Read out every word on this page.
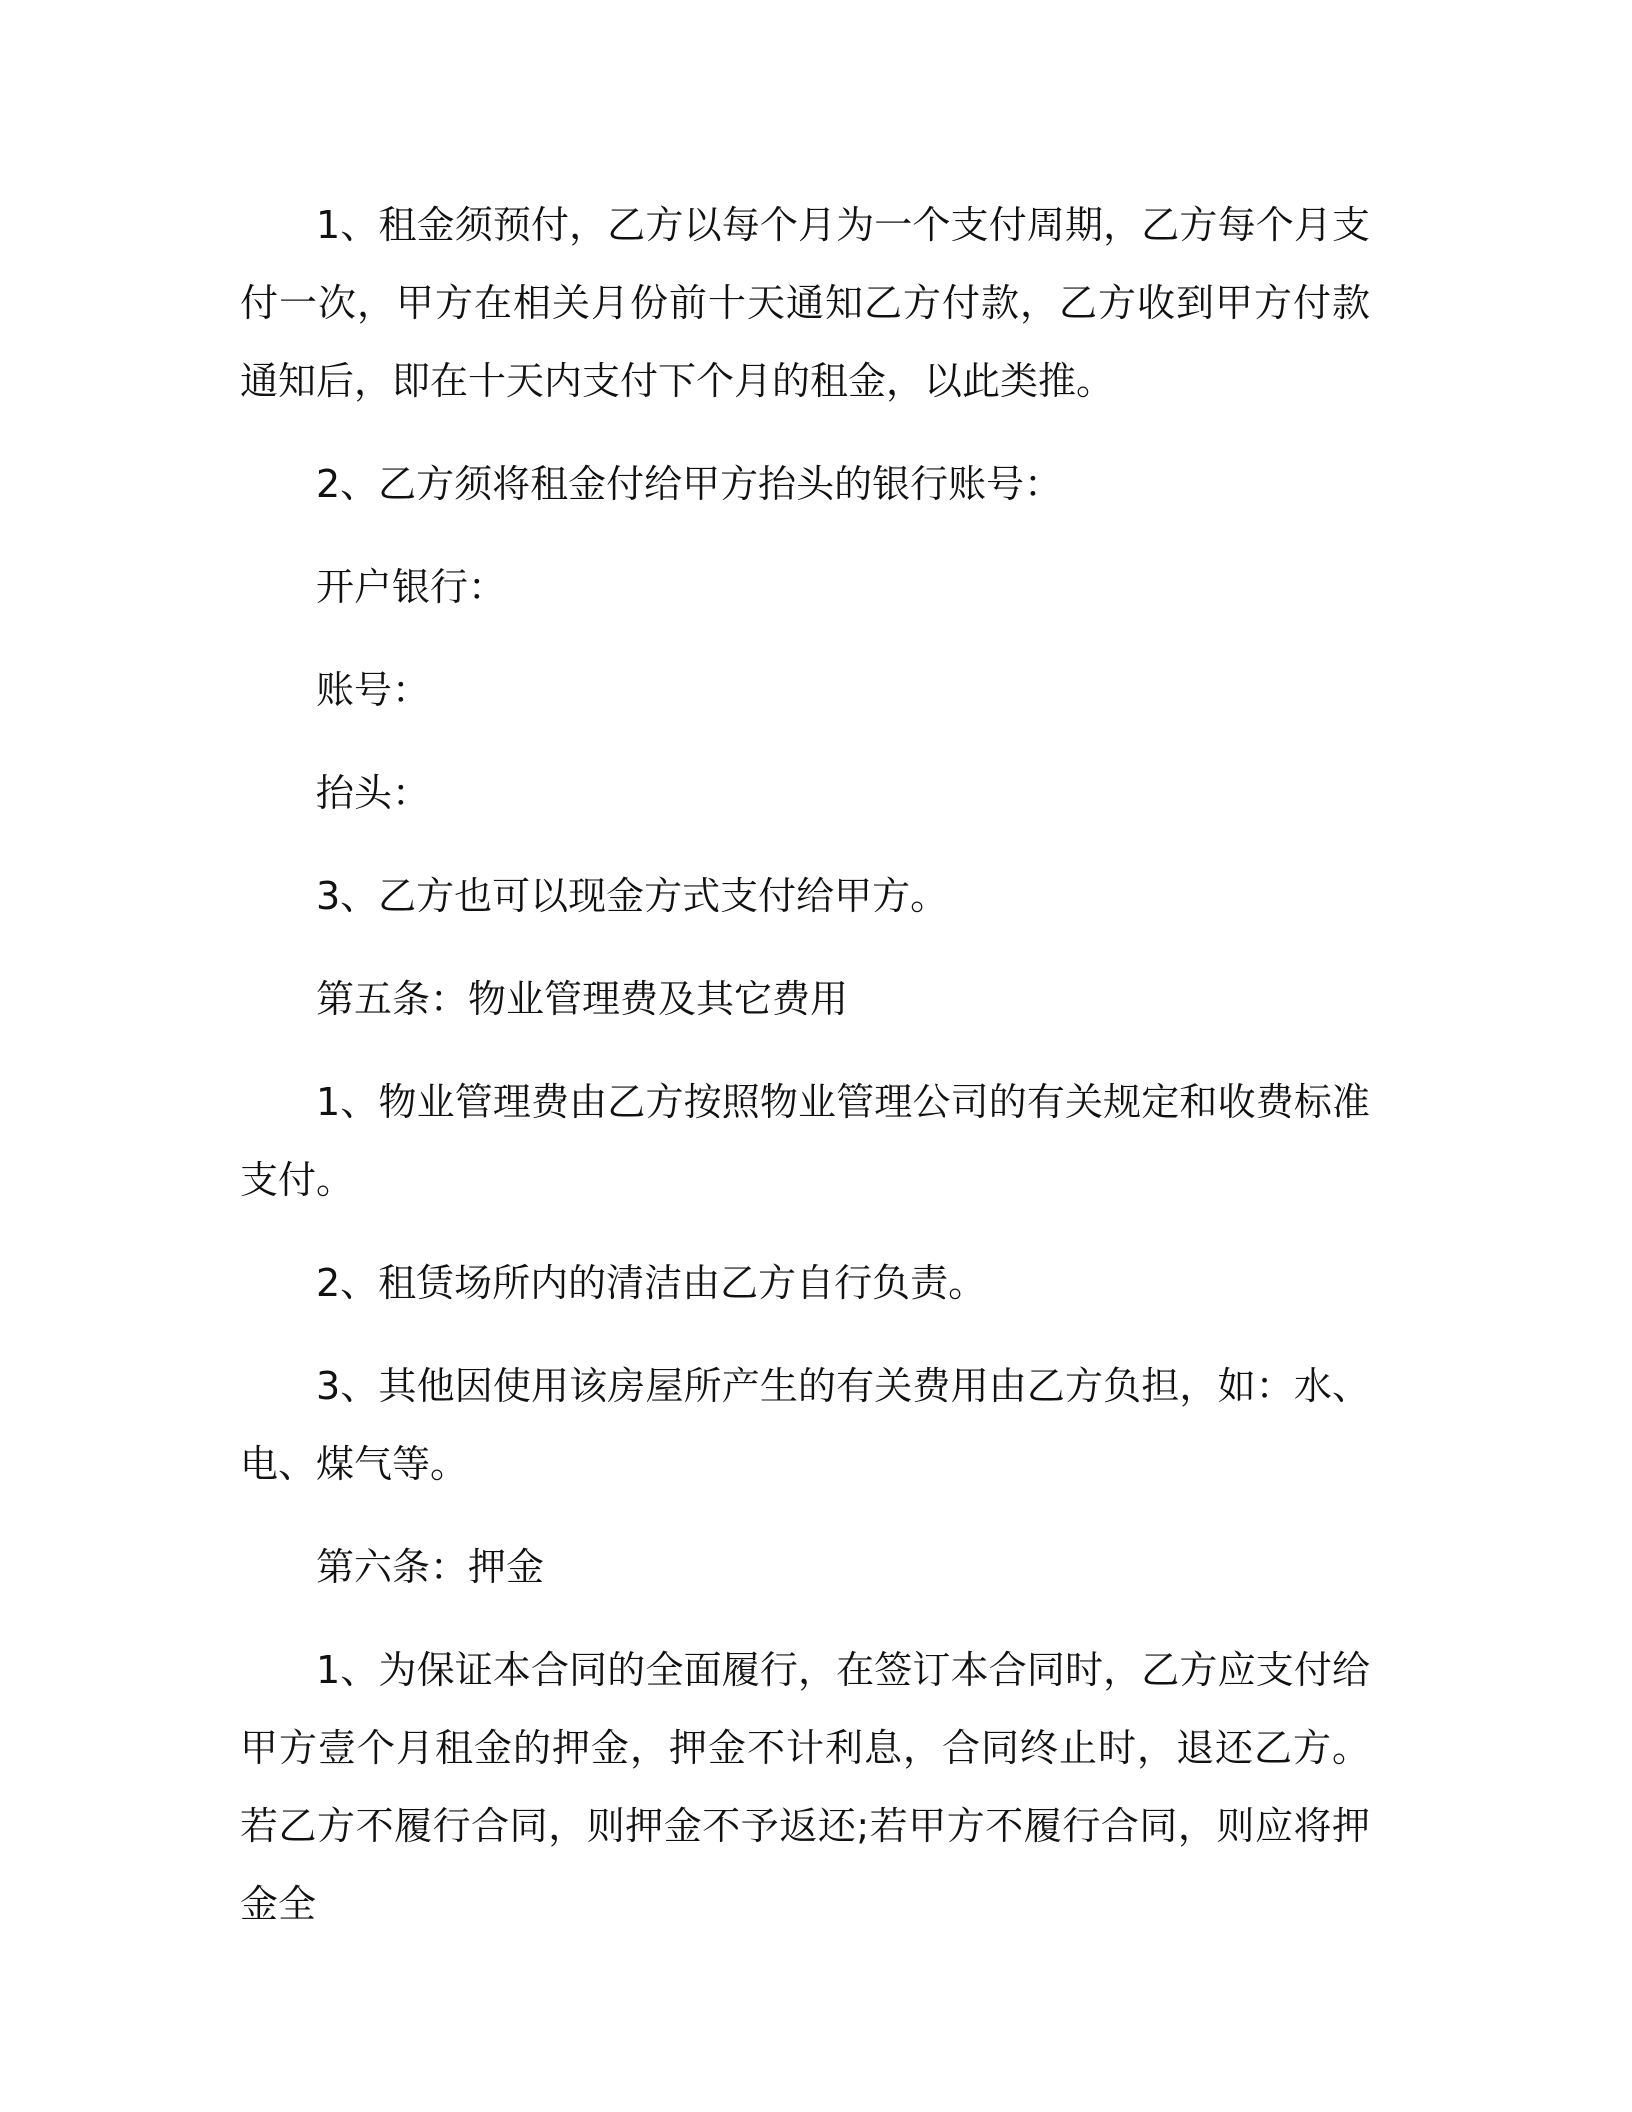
1、租金须预付，乙方以每个月为一个支付周期，乙方每个月支付一次，甲方在相关月份前十天通知乙方付款，乙方收到甲方付款通知后，即在十天内支付下个月的租金，以此类推。

2、乙方须将租金付给甲方抬头的银行账号：

开户银行：

账号：

抬头：

3、乙方也可以现金方式支付给甲方。

第五条：物业管理费及其它费用

1、物业管理费由乙方按照物业管理公司的有关规定和收费标准支付。

2、租赁场所内的清洁由乙方自行负责。

3、其他因使用该房屋所产生的有关费用由乙方负担，如：水、电、煤气等。

第六条：押金

1、为保证本合同的全面履行，在签订本合同时，乙方应支付给甲方壹个月租金的押金，押金不计利息，合同终止时，退还乙方。若乙方不履行合同，则押金不予返还;若甲方不履行合同，则应将押金全
